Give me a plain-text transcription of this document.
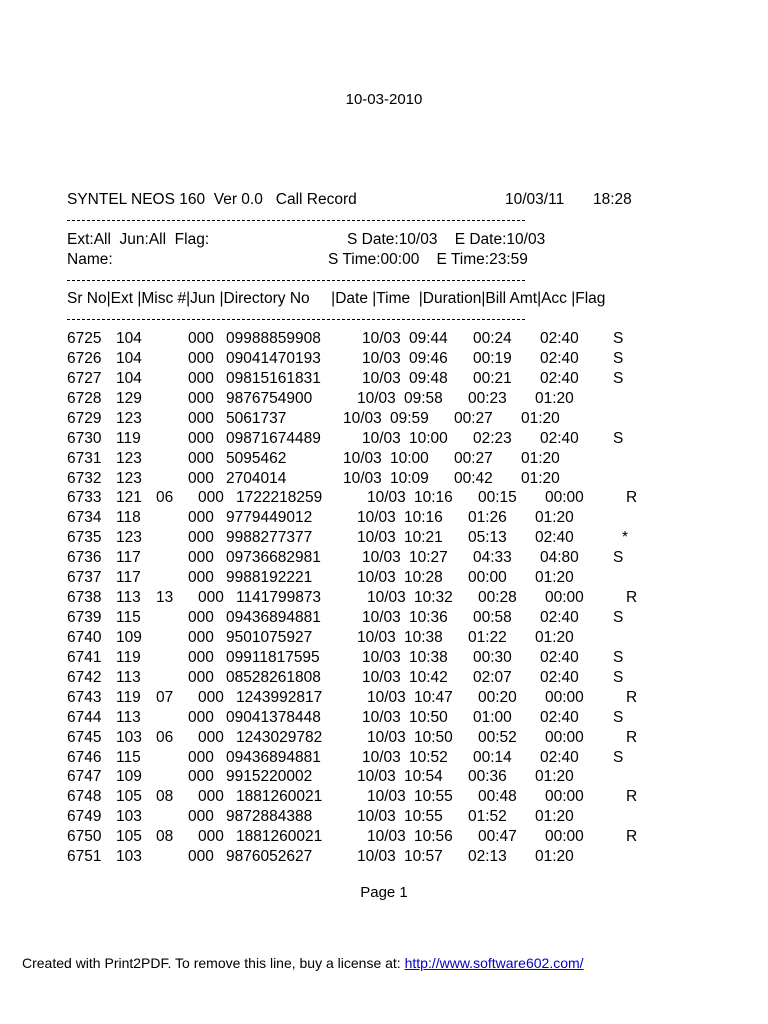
10-03-2010
SYNTEL NEOS 160  Ver 0.0   Call Record	10/03/11 18:28
Ext:All  Jun:All  Flag:	S Date:10/03    E Date:10/03
Name:	S Time:00:00    E Time:23:59
Sr No|Ext |Misc #|Jun |Directory No     |Date |Time  |Duration|Bill Amt|Acc |Flag
6725 104	000 09988859908	10/03 09:44 00:24 02:40 S
6726 104	000 09041470193	10/03 09:46 00:19 02:40 S
6727 104	000 09815161831	10/03 09:48 00:21 02:40 S
6728 129	000 9876754900	10/03 09:58 00:23 01:20
6729 123	000 5061737	10/03 09:59 00:27 01:20
6730 119	000 09871674489	10/03 10:00 02:23 02:40 S
6731 123	000 5095462	10/03 10:00 00:27 01:20
6732 123	000 2704014	10/03 10:09 00:42 01:20
6733 121 06 000 1722218259	10/03 10:16 00:15 00:00	R
6734 118	000 9779449012	10/03 10:16 01:26 01:20
6735 123	000 9988277377	10/03 10:21 05:13 02:40	*
6736 117	000 09736682981	10/03 10:27 04:33 04:80 S
6737 117	000 9988192221	10/03 10:28 00:00 01:20
6738 113 13 000 1141799873	10/03 10:32 00:28 00:00	R
6739 115	000 09436894881	10/03 10:36 00:58 02:40 S
6740 109	000 9501075927	10/03 10:38 01:22 01:20
6741 119	000 09911817595	10/03 10:38 00:30 02:40 S
6742 113	000 08528261808	10/03 10:42 02:07 02:40 S
6743 119 07 000 1243992817	10/03 10:47 00:20 00:00	R
6744 113	000 09041378448	10/03 10:50 01:00 02:40 S
6745 103 06 000 1243029782	10/03 10:50 00:52 00:00	R
6746 115	000 09436894881	10/03 10:52 00:14 02:40 S
6747 109	000 9915220002	10/03 10:54 00:36 01:20
6748 105 08 000 1881260021	10/03 10:55 00:48 00:00	R
6749 103	000 9872884388	10/03 10:55 01:52 01:20
6750 105 08 000 1881260021	10/03 10:56 00:47 00:00	R
6751 103	000 9876052627	10/03 10:57 02:13 01:20
Page 1
Created with Print2PDF. To remove this line, buy a license at: http://www.software602.com/
